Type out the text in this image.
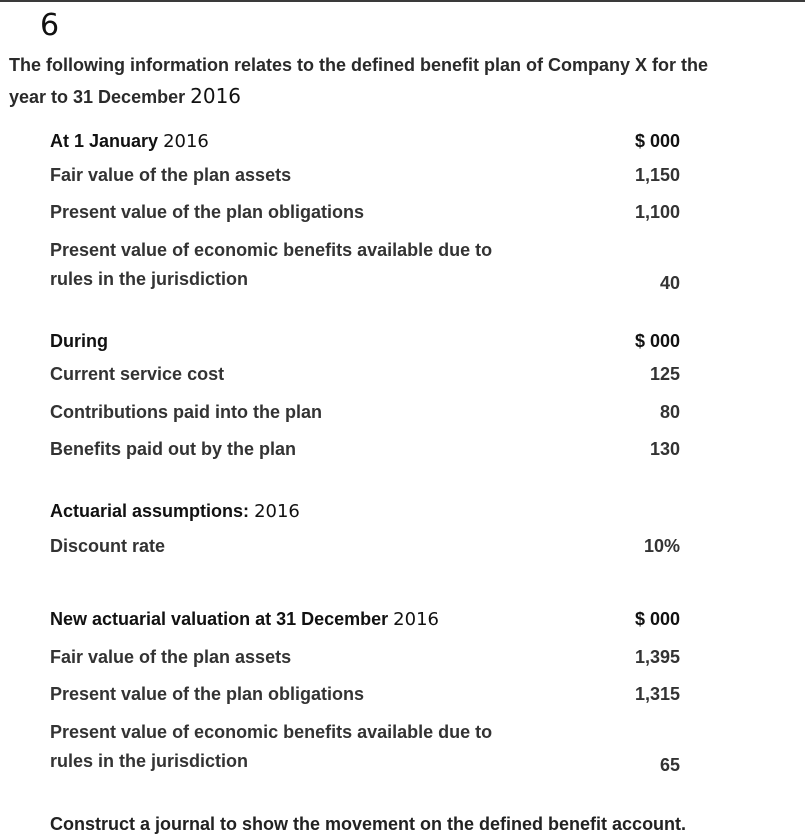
6
The following information relates to the defined benefit plan of Company X for the
year to 31 December 2016
At 1 January 2016	$ 000
Fair value of the plan assets	1,150
Present value of the plan obligations	1,100
Present value of economic benefits available due to
rules in the jurisdiction	40
During	$ 000
Current service cost	125
Contributions paid into the plan	80
Benefits paid out by the plan	130
Actuarial assumptions: 2016
Discount rate	10%
New actuarial valuation at 31 December 2016	$ 000
Fair value of the plan assets	1,395
Present value of the plan obligations	1,315
Present value of economic benefits available due to
rules in the jurisdiction	65
Construct a journal to show the movement on the defined benefit account.
